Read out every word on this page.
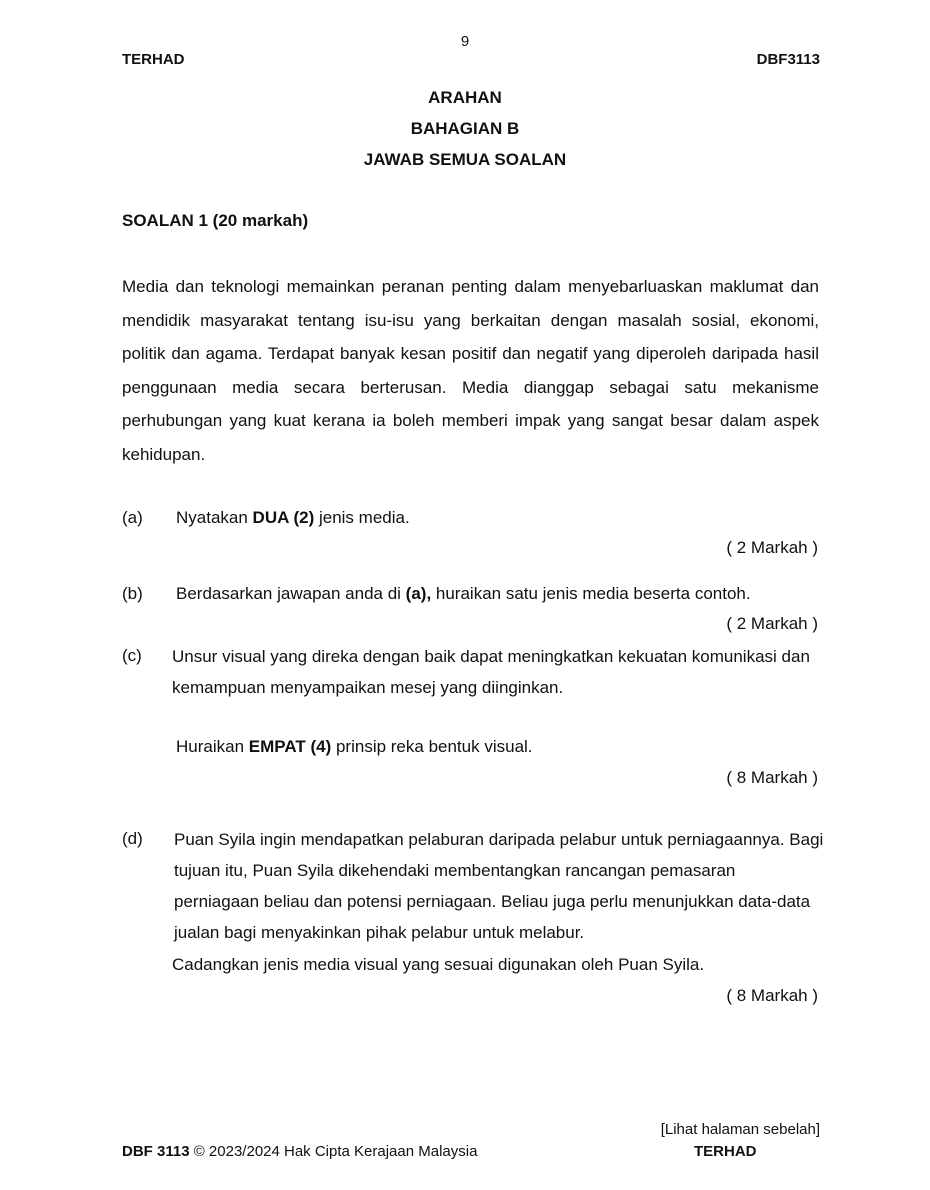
9
TERHAD	DBF3113
ARAHAN
BAHAGIAN B
JAWAB SEMUA SOALAN
SOALAN 1 (20 markah)

Media dan teknologi memainkan peranan penting dalam menyebarluaskan maklumat dan mendidik masyarakat tentang isu-isu yang berkaitan dengan masalah sosial, ekonomi, politik dan agama. Terdapat banyak kesan positif dan negatif yang diperoleh daripada hasil penggunaan media secara berterusan. Media dianggap sebagai satu mekanisme perhubungan yang kuat kerana ia boleh memberi impak yang sangat besar dalam aspek kehidupan.

(a) Nyatakan DUA (2) jenis media.
( 2 Markah )
(b) Berdasarkan jawapan anda di (a), huraikan satu jenis media beserta contoh.
( 2 Markah )
(c) Unsur visual yang direka dengan baik dapat meningkatkan kekuatan komunikasi dan kemampuan menyampaikan mesej yang diinginkan.

Huraikan EMPAT (4) prinsip reka bentuk visual.
( 8 Markah )
(d) Puan Syila ingin mendapatkan pelaburan daripada pelabur untuk perniagaannya. Bagi tujuan itu, Puan Syila dikehendaki membentangkan rancangan pemasaran perniagaan beliau dan potensi perniagaan. Beliau juga perlu menunjukkan data-data jualan bagi menyakinkan pihak pelabur untuk melabur.

Cadangkan jenis media visual yang sesuai digunakan oleh Puan Syila.
( 8 Markah )
[Lihat halaman sebelah]
DBF 3113 © 2023/2024 Hak Cipta Kerajaan Malaysia	TERHAD
